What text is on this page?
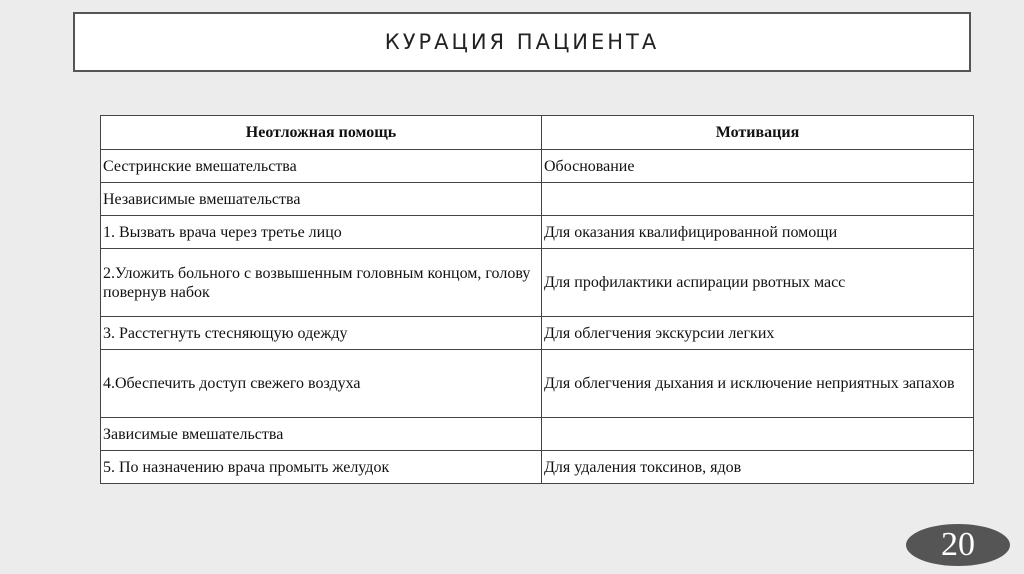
КУРАЦИЯ ПАЦИЕНТА
Неотложная помощь	Мотивация
Сестринские вмешательства	Обоснование
Независимые вмешательства	
1. Вызвать врача через третье лицо	Для оказания квалифицированной помощи
2.Уложить больного с возвышенным головным концом, голову повернув набок	Для профилактики аспирации рвотных масс
3. Расстегнуть стесняющую одежду	Для облегчения экскурсии легких
4.Обеспечить доступ свежего воздуха	Для облегчения дыхания и исключение неприятных запахов
Зависимые вмешательства	
5. По назначению врача промыть желудок	Для удаления токсинов, ядов
20
